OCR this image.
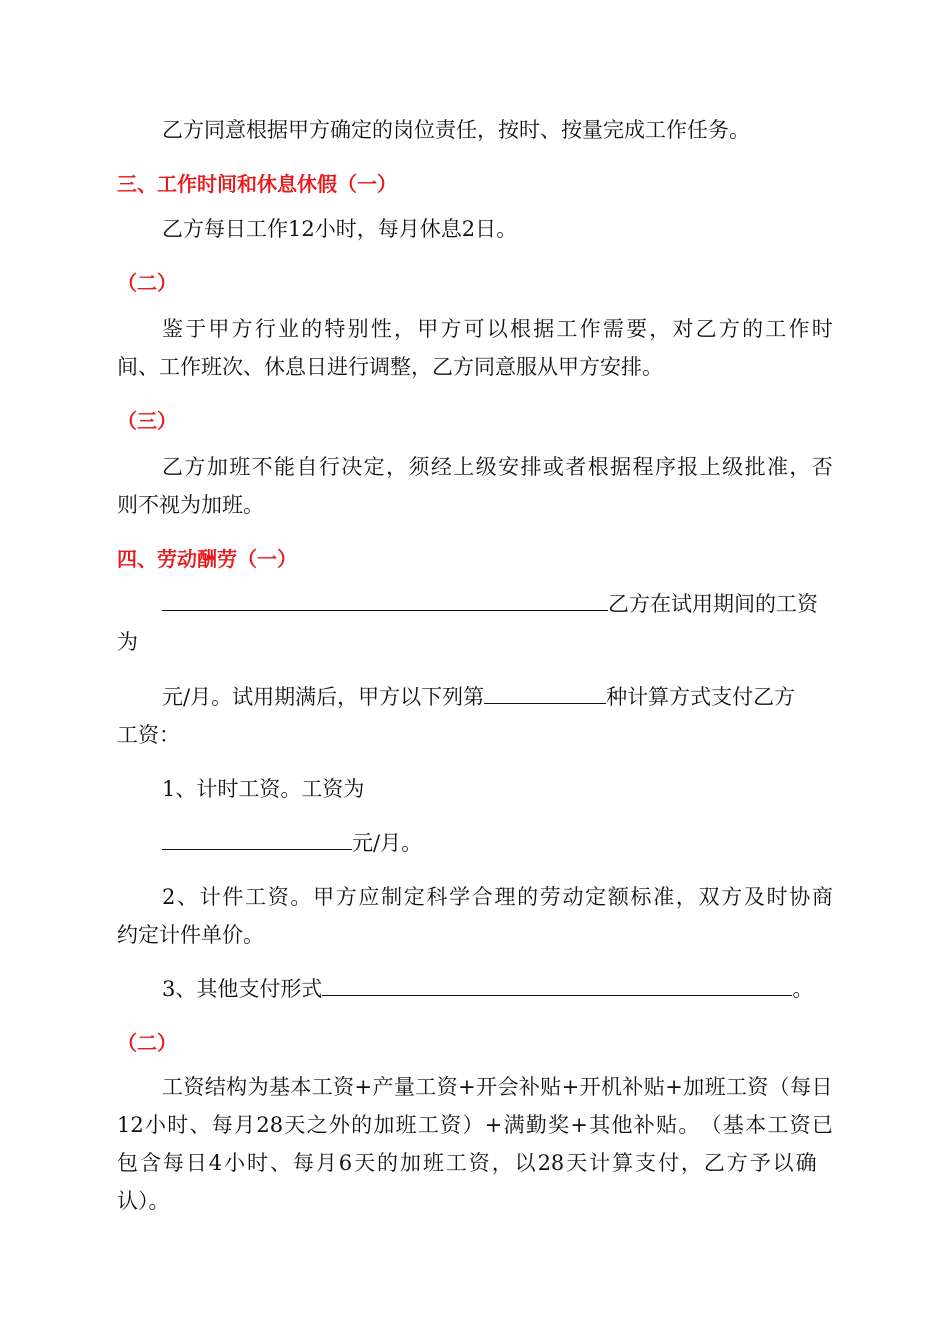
乙方同意根据甲方确定的岗位责任，按时、按量完成工作任务。
三、工作时间和休息休假（一）
乙方每日工作12小时，每月休息2日。
（二）
鉴 于 甲 方 行 业 的 特 别 性 ， 甲 方 可 以 根 据 工 作 需 要 ， 对 乙 方 的 工 作 时
间、工作班次、休息日进行调整，乙方同意服从甲方安排。
（三）
乙 方 加 班 不 能 自 行 决 定 ， 须 经 上 级 安 排 或 者 根 据 程 序 报 上 级 批 准 ， 否
则不视为加班。
四、劳动酬劳（一）
乙方在试用期间的工资
为
元/月。试用期满后，甲方以下列第	种计算方式支付乙方
工资：
1、计时工资。工资为
元/月。
2 、 计 件 工 资 。 甲 方 应 制 定 科 学 合 理 的 劳 动 定 额 标 准 ， 双 方 及 时 协 商
约定计件单价。
3、其他支付形式	。
（二）
工 资 结 构 为 基 本 工 资 + 产 量 工 资 + 开 会 补 贴 + 开 机 补 贴 + 加 班 工 资 （ 每 日
12 小 时 、 每 月 28 天 之 外 的 加 班 工 资 ） + 满 勤 奖 + 其 他 补 贴 。 （ 基 本 工 资 已
包 含 每 日 4 小 时 、 每 月 6 天 的 加 班 工 资 ， 以 28 天 计 算 支 付 ， 乙 方 予 以 确
认）。
